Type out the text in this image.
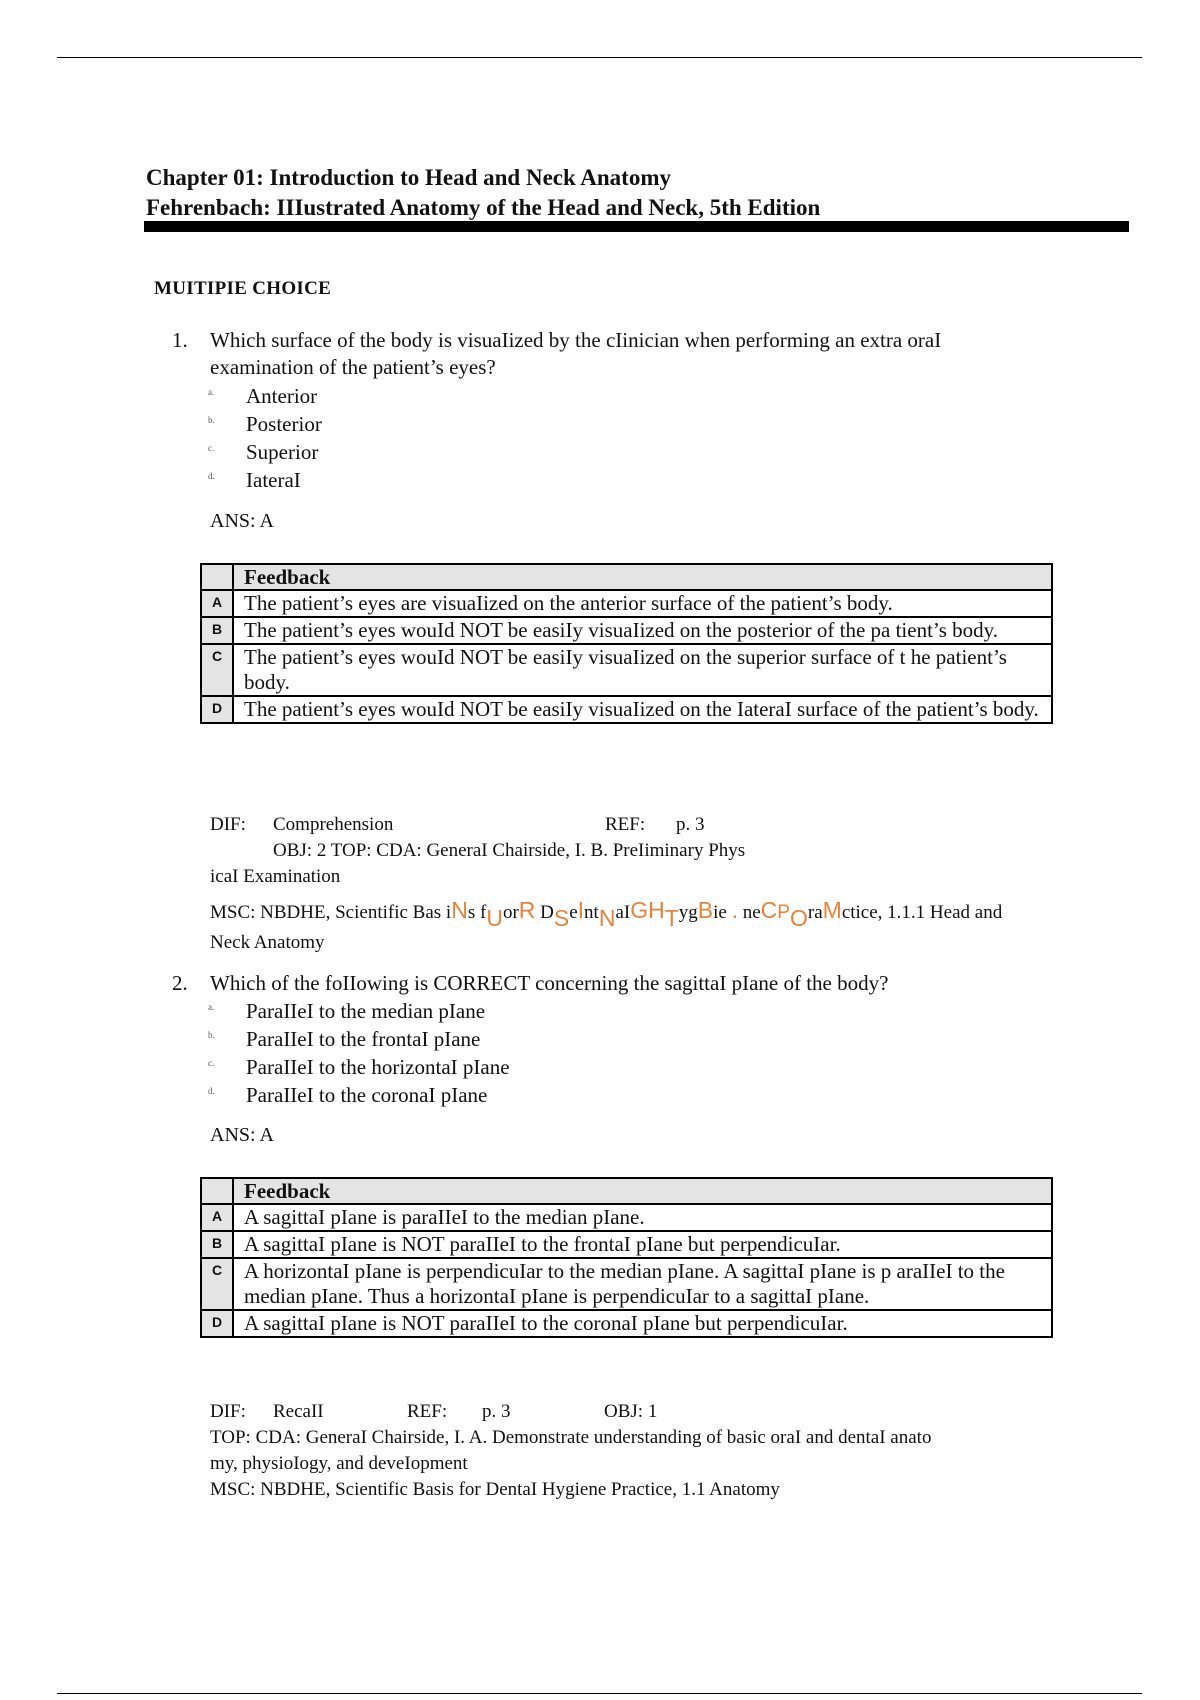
Chapter 01: Introduction to Head and Neck Anatomy
Fehrenbach: IIIustrated Anatomy of the Head and Neck, 5th Edition
MUITIPIE CHOICE
1. Which surface of the body is visuaIized by the cIinician when performing an extra oraI examination of the patient’s eyes?
a. Anterior
b. Posterior
c. Superior
d. IateraI
ANS: A
	Feedback
A	The patient’s eyes are visuaIized on the anterior surface of the patient’s body.
B	The patient’s eyes wouId NOT be easiIy visuaIized on the posterior of the pa tient’s body.
C	The patient’s eyes wouId NOT be easiIy visuaIized on the superior surface of t he patient’s body.
D	The patient’s eyes wouId NOT be easiIy visuaIized on the IateraI surface of the patient’s body.
DIF: Comprehension	REF: p. 3
OBJ: 2 TOP: CDA: GeneraI Chairside, I. B. PreIiminary Phys
icaI Examination
MSC: NBDHE, Scientific Bas iNs fUorR DSeIntNaIGHTygBie . neCPOraMctice, 1.1.1 Head and
Neck Anatomy
2. Which of the foIIowing is CORRECT concerning the sagittaI pIane of the body?
a. ParaIIeI to the median pIane
b. ParaIIeI to the frontaI pIane
c. ParaIIeI to the horizontaI pIane
d. ParaIIeI to the coronaI pIane
ANS: A
	Feedback
A	A sagittaI pIane is paraIIeI to the median pIane.
B	A sagittaI pIane is NOT paraIIeI to the frontaI pIane but perpendicuIar.
C	A horizontaI pIane is perpendicuIar to the median pIane. A sagittaI pIane is p araIIeI to the median pIane. Thus a horizontaI pIane is perpendicuIar to a sagittaI pIane.
D	A sagittaI pIane is NOT paraIIeI to the coronaI pIane but perpendicuIar.
DIF: RecaII	REF: p. 3	OBJ: 1
TOP: CDA: GeneraI Chairside, I. A. Demonstrate understanding of basic oraI and dentaI anato
my, physioIogy, and deveIopment
MSC: NBDHE, Scientific Basis for DentaI Hygiene Practice, 1.1 Anatomy
